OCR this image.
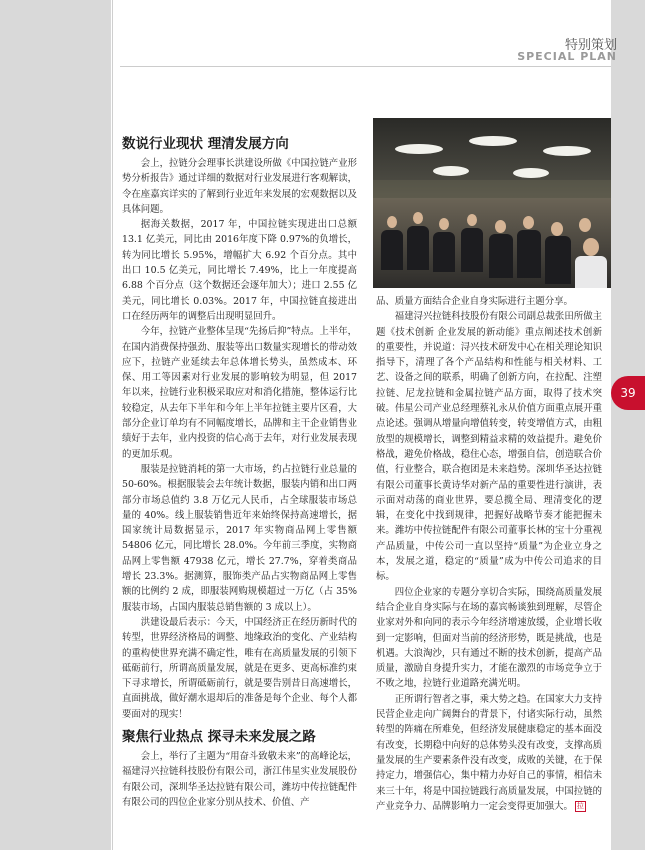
特别策划
SPECIAL PLAN
39

数说行业现状 理清发展方向

会上，拉链分会理事长洪建设所做《中国拉链产业形势分析报告》通过详细的数据对行业发展进行客观解读，令在座嘉宾详实的了解到行业近年来发展的宏观数据以及具体问题。

据海关数据，2017 年，中国拉链实现进出口总额 13.1 亿美元，同比由 2016年度下降 0.97%的负增长，转为同比增长 5.95%，增幅扩大 6.92 个百分点。其中出口 10.5 亿美元，同比增长 7.49%，比上一年度提高 6.88 个百分点（这个数据还会逐年加大）；进口 2.55 亿美元，同比增长 0.03%。2017 年，中国拉链直接进出口在经历两年的调整后出现明显回升。

今年，拉链产业整体呈现“先扬后抑”特点。上半年，在国内消费保持强劲、服装等出口数量实现增长的带动效应下，拉链产业延续去年总体增长势头，虽然成本、环保、用工等因素对行业发展的影响较为明显，但 2017 年以来，拉链行业积极采取应对和消化措施，整体运行比较稳定，从去年下半年和今年上半年拉链主要片区看，大部分企业订单均有不同幅度增长，品牌和主干企业销售业绩好于去年，业内投资的信心高于去年，对行业发展表现的更加乐观。

服装是拉链消耗的第一大市场，约占拉链行业总量的 50-60%。根据服装会去年统计数据，服装内销和出口两部分市场总值约 3.8 万亿元人民币，占全球服装市场总量的 40%。线上服装销售近年来始终保持高速增长，据国家统计局数据显示，2017 年实物商品网上零售额 54806 亿元，同比增长 28.0%。今年前三季度，实物商品网上零售额 47938 亿元，增长 27.7%，穿着类商品增长 23.3%。据测算，服饰类产品占实物商品网上零售额的比例约 2 成，即服装网购规模超过一万亿（占 35%服装市场，占国内服装总销售额的 3 成以上）。

洪建设最后表示：今天，中国经济正在经历新时代的转型，世界经济格局的调整、地缘政治的变化、产业结构的重构使世界充满不确定性，唯有在高质量发展的引领下砥砺前行，所谓高质量发展，就是在更多、更高标准约束下寻求增长，所谓砥砺前行，就是要告别昔日高速增长，直面挑战，做好潮水退却后的准备是每个企业、每个人都要面对的现实！

聚焦行业热点 探寻未来发展之路

会上，举行了主题为“用奋斗致敬未来”的高峰论坛，福建浔兴拉链科技股份有限公司，浙江伟星实业发展股份有限公司，深圳华圣达拉链有限公司，潍坊中传拉链配件有限公司的四位企业家分别从技术、价值、产

品、质量方面结合企业自身实际进行主题分享。

福建浔兴拉链科技股份有限公司副总裁张田所做主题《技术创新 企业发展的新动能》重点阐述技术创新的重要性，并说道：浔兴技术研发中心在相关理论知识指导下，清理了各个产品结构和性能与相关材料、工艺、设备之间的联系，明确了创新方向，在拉配、注塑拉链、尼龙拉链和金属拉链产品方面，取得了技术突破。伟星公司产业总经理蔡礼永从价值方面重点展开重点论述。强调从增量向增值转变，转变增值方式，由粗放型的规模增长，调整到精益求精的效益提升。避免价格战，避免价格战，稳住心态，增强自信，创造联合价值，行业整合，联合抱团是未来趋势。深圳华圣达拉链有限公司董事长黄诗华对新产品的重要性进行演讲，表示面对动荡的商业世界，要总揽全局、理清变化的逻辑，在变化中找到规律，把握好战略节奏才能把握未来。潍坊中传拉链配件有限公司董事长林的宝十分重视产品质量，中传公司一直以坚持“质量”为企业立身之本，发展之道，稳定的“质量”成为中传公司追求的目标。

四位企业家的专题分享切合实际，围绕高质量发展结合企业自身实际与在场的嘉宾畅谈独到理解，尽管企业家对外和向同的表示今年经济增速放缓，企业增长收到一定影响，但面对当前的经济形势，既是挑战，也是机遇。大浪淘沙，只有通过不断的技术创新，提高产品质量，激励自身提升实力，才能在激烈的市场竞争立于不败之地，拉链行业道路充满光明。

正所谓行智者之事，乘大势之趋。在国家大力支持民营企业走向广阔舞台的背景下，付诸实际行动，虽然转型的阵痛在所难免，但经济发展健康稳定的基本面没有改变，长期稳中向好的总体势头没有改变，支撑高质量发展的生产要素条件没有改变，成败的关键，在于保持定力，增强信心，集中精力办好自己的事情，相信未来三十年，将是中国拉链践行高质量发展，中国拉链的产业竞争力、品牌影响力一定会变得更加强大。 拉
